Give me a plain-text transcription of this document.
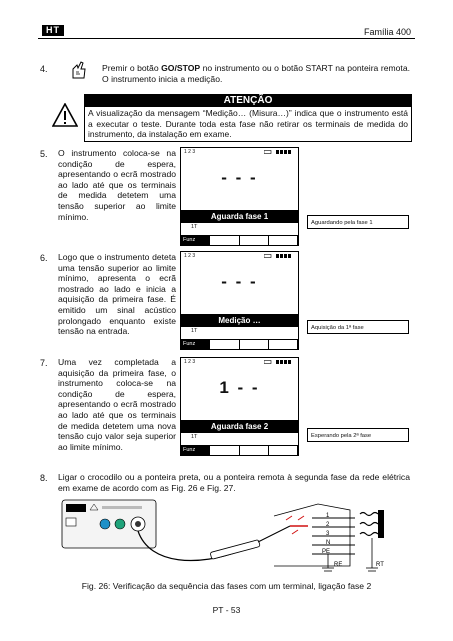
HT	Família 400
4.	Premir o botão GO/STOP no instrumento ou o botão START na ponteira remota. O instrumento inicia a medição.
ATENÇÃO
A visualização da mensagem “Medição… (Misura…)” indica que o instrumento está a executar o teste. Durante toda esta fase não retirar os terminais de medida do instrumento, da instalação em exame.
5. O instrumento coloca-se na condição de espera, apresentando o ecrã mostrado ao lado até que os terminais de medida detetem uma tensão superior ao limite mínimo.
1 2 3
- - -
Aguarda fase 1
1T
Funz
Aguardando pela fase 1
6. Logo que o instrumento deteta uma tensão superior ao limite mínimo, apresenta o ecrã mostrado ao lado e inicia a aquisição da primeira fase. É emitido um sinal acústico prolongado enquanto existe tensão na entrada.
1 2 3
- - -
Medição …
1T
Funz
Aquisição da 1ª fase
7. Uma vez completada a aquisição da primeira fase, o instrumento coloca-se na condição de espera, apresentando o ecrã mostrado ao lado até que os terminais de medida detetem uma nova tensão cujo valor seja superior ao limite mínimo.
1 2 3
1 - -
Aguarda fase 2
1T
Funz
Esperando pela 2ª fase
8. Ligar o crocodilo ou a ponteira preta, ou a ponteira remota à segunda fase da rede elétrica em exame de acordo com as Fig. 26 e Fig. 27.
1
2
3
N
PE
RE	RT
Fig. 26: Verificação da sequência das fases com um terminal, ligação fase 2
PT - 53
